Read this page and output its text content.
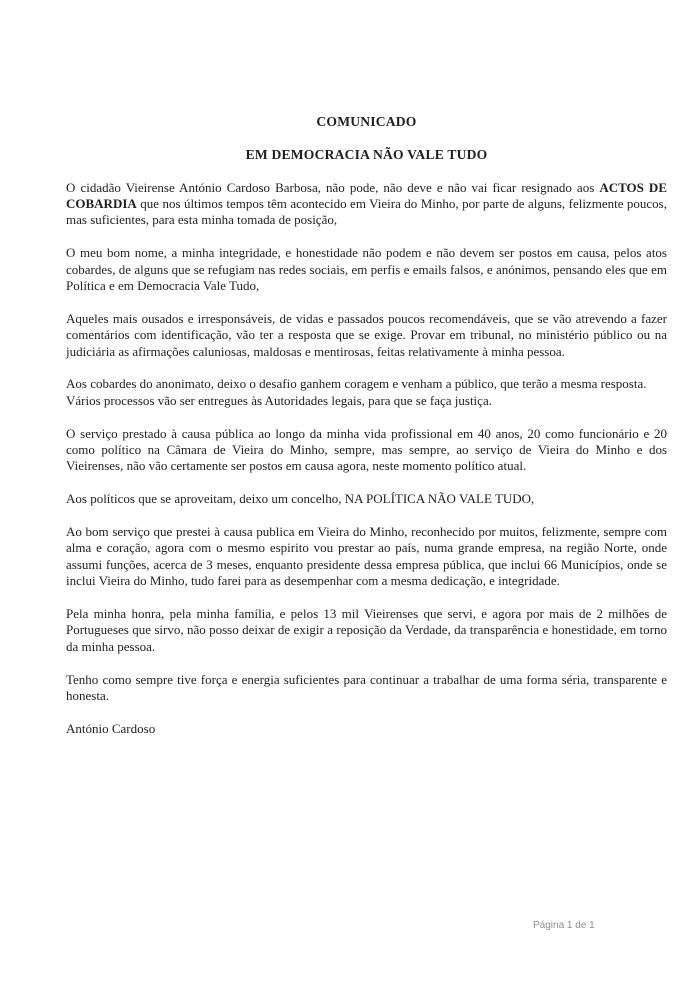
COMUNICADO
EM DEMOCRACIA NÃO VALE TUDO

O cidadão Vieirense António Cardoso Barbosa, não pode, não deve e não vai ficar resignado aos ACTOS DE COBARDIA que nos últimos tempos têm acontecido em Vieira do Minho, por parte de alguns, felizmente poucos, mas suficientes, para esta minha tomada de posição,

O meu bom nome, a minha integridade, e honestidade não podem e não devem ser postos em causa, pelos atos cobardes, de alguns que se refugiam nas redes sociais, em perfis e emails falsos, e anónimos, pensando eles que em Política e em Democracia Vale Tudo,

Aqueles mais ousados e irresponsáveis, de vidas e passados poucos recomendáveis, que se vão atrevendo a fazer comentários com identificação, vão ter a resposta que se exige. Provar em tribunal, no ministério público ou na judiciária as afirmações caluniosas, maldosas e mentirosas, feitas relativamente à minha pessoa.

Aos cobardes do anonimato, deixo o desafio ganhem coragem e venham a público, que terão a mesma resposta.
Vários processos vão ser entregues às Autoridades legais, para que se faça justiça.

O serviço prestado à causa pública ao longo da minha vida profissional em 40 anos, 20 como funcionário e 20 como político na Câmara de Vieira do Minho, sempre, mas sempre, ao serviço de Vieira do Minho e dos Vieirenses, não vão certamente ser postos em causa agora, neste momento político atual.

Aos políticos que se aproveitam, deixo um concelho, NA POLÍTICA NÃO VALE TUDO,

Ao bom serviço que prestei à causa publica em Vieira do Minho, reconhecido por muitos, felizmente, sempre com alma e coração, agora com o mesmo espirito vou prestar ao país, numa grande empresa, na região Norte, onde assumi funções, acerca de 3 meses, enquanto presidente dessa empresa pública, que inclui 66 Municípios, onde se inclui Vieira do Minho, tudo farei para as desempenhar com a mesma dedicação, e integridade.

Pela minha honra, pela minha família, e pelos 13 mil Vieirenses que servi, e agora por mais de 2 milhões de Portugueses que sirvo, não posso deixar de exigir a reposição da Verdade, da transparência e honestidade, em torno da minha pessoa.

Tenho como sempre tive força e energia suficientes para continuar a trabalhar de uma forma séria, transparente e honesta.

António Cardoso

Página 1 de 1
